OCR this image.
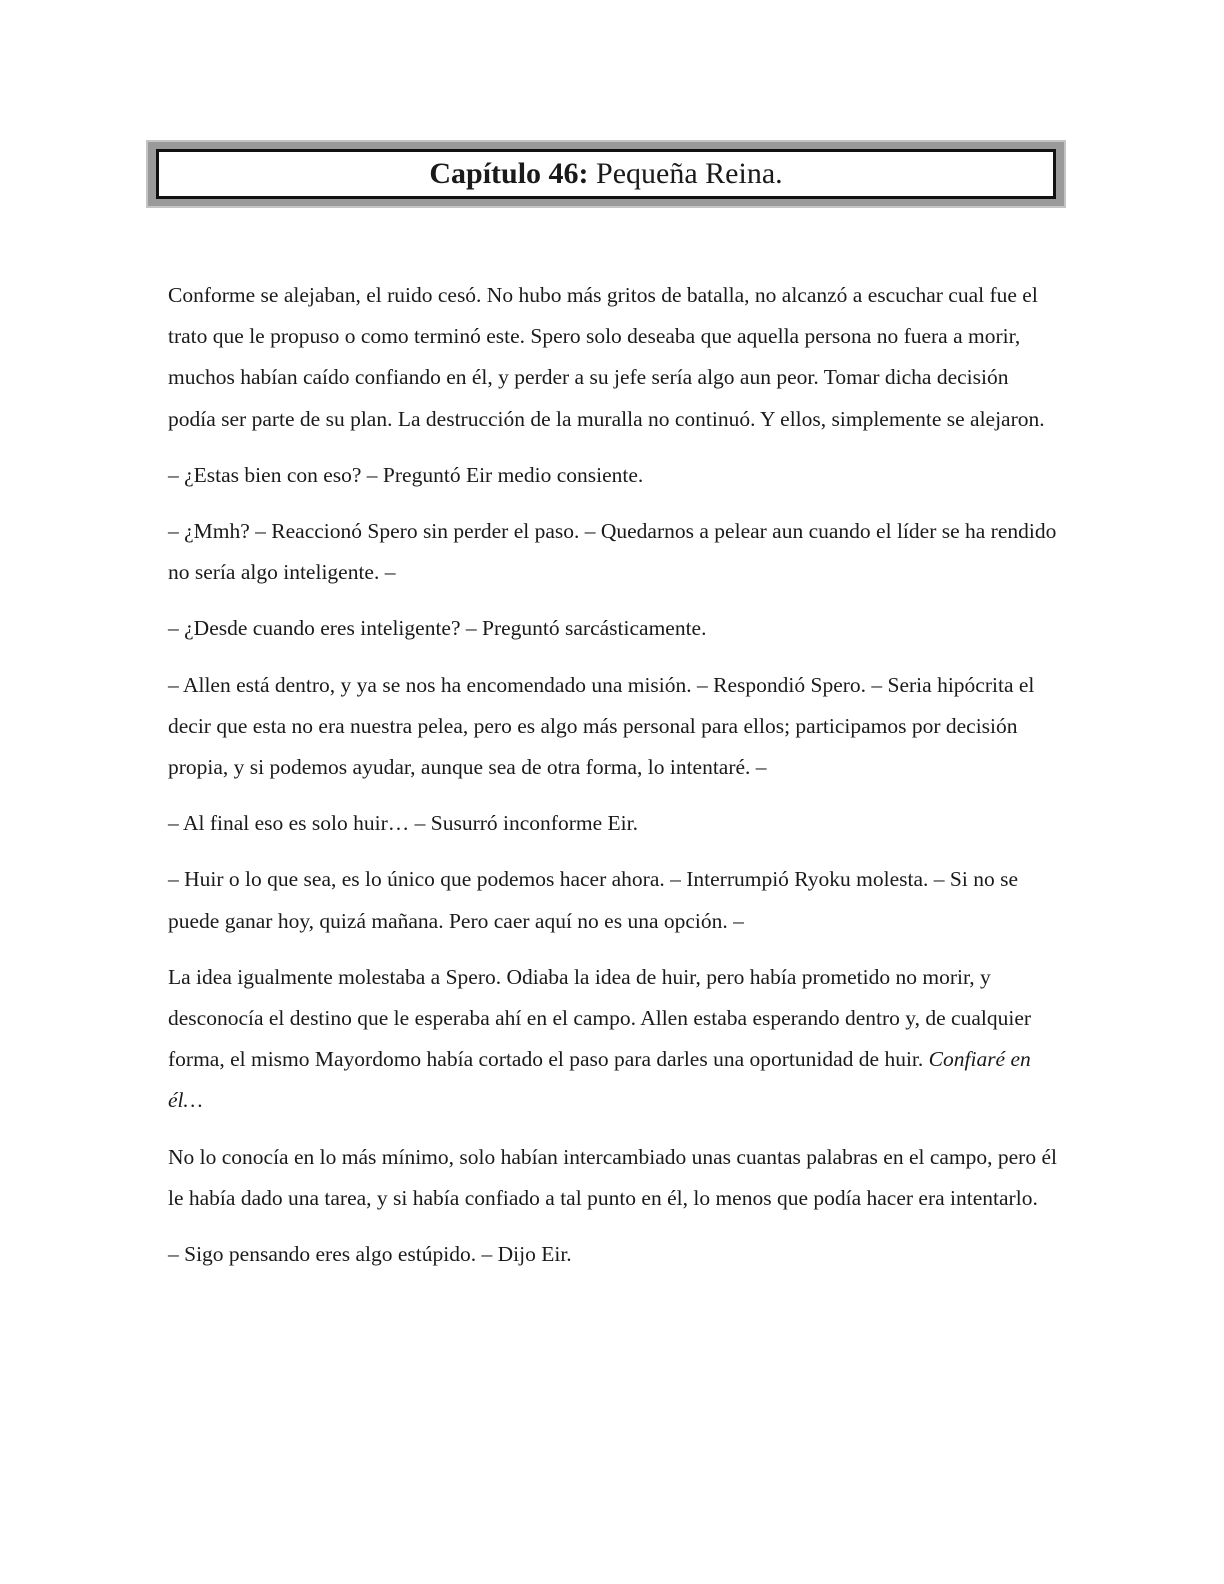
Capítulo 46:
Pequeña Reina.

Conforme se alejaban, el ruido cesó. No hubo más gritos de batalla, no alcanzó a escuchar cual fue el trato que le propuso o como terminó este. Spero solo deseaba que aquella persona no fuera a morir, muchos habían caído confiando en él, y perder a su jefe sería algo aun peor. Tomar dicha decisión podía ser parte de su plan. La destrucción de la muralla no continuó. Y ellos, simplemente se alejaron.

– ¿Estas bien con eso? – Preguntó Eir medio consiente.

– ¿Mmh? – Reaccionó Spero sin perder el paso. – Quedarnos a pelear aun cuando el líder se ha rendido no sería algo inteligente. –

– ¿Desde cuando eres inteligente? – Preguntó sarcásticamente.

– Allen está dentro, y ya se nos ha encomendado una misión. – Respondió Spero. – Seria hipócrita el decir que esta no era nuestra pelea, pero es algo más personal para ellos; participamos por decisión propia, y si podemos ayudar, aunque sea de otra forma, lo intentaré. –

– Al final eso es solo huir… – Susurró inconforme Eir.

– Huir o lo que sea, es lo único que podemos hacer ahora. – Interrumpió Ryoku molesta. – Si no se puede ganar hoy, quizá mañana. Pero caer aquí no es una opción. –

La idea igualmente molestaba a Spero. Odiaba la idea de huir, pero había prometido no morir, y desconocía el destino que le esperaba ahí en el campo. Allen estaba esperando dentro y, de cualquier forma, el mismo Mayordomo había cortado el paso para darles una oportunidad de huir. Confiaré en él…

No lo conocía en lo más mínimo, solo habían intercambiado unas cuantas palabras en el campo, pero él le había dado una tarea, y si había confiado a tal punto en él, lo menos que podía hacer era intentarlo.

– Sigo pensando eres algo estúpido. – Dijo Eir.
